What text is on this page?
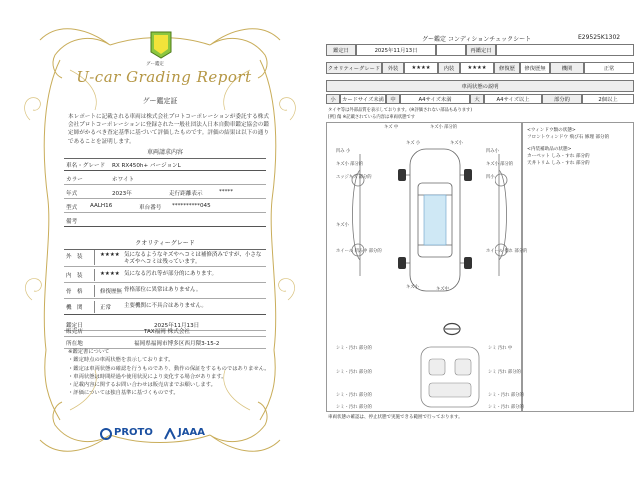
グー鑑定
U-car Grading Report
グー鑑定証
本レポートに記載される車両は株式会社プロトコーポレーションが委託する株式会社プロトコーポレーションに登録された一般社団法人日本自動車鑑定協会の鑑定師がかるべき査定基準に基づいて評価したものです。評価の結果は以下の通りであることを証明します。
車両請求内容
車名・グレード RX RX450h+ バージョンL
カラー	ホワイト
年式	2023年	走行距離表示	*****
型式 AALH16	車台番号 **********045
備考
クオリティーグレード
外　装	★★★★ 気になるようなキズやヘコミは補修済みですが、小さなキズやヘコミは残っています。
内　装	★★★★ 気になる汚れ等が部分的にあります。
骨　格	修復歴無 骨格部位に異常はありません。
機　関	正常 主要機関に不具合はありません。
鑑定日	2025年11月13日
販売店	TAX福岡 株式会社
所在地	福岡県福岡市博多区西月隈3-15-2
※鑑定書について
・鑑定時点の車両状態を表示しております。
・鑑定は車両状態の確認を行うものであり、動作の保証をするものではありません。
・車両状態は時間経過や使用状況により変化する場合があります。
・記載内容に関するお問い合わせは販売店までお願いします。
・評価については独自基準に基づくものです。
PROTO	JAAA
グー鑑定 コンディションチェックシート	E29525K1302
鑑定日	2025年11月13日	再鑑定日
クオリティーグレード	外装	★★★★	内装	★★★★	修復歴	修復歴無	機関	正常
車両状態の説明
小	カードサイズ未満	中	A4サイズ未満	大	A4サイズ以上	部分的	2個以上
タイヤ等は外部品質を表示しております。(※評価されない部品もあります)
[例] 傷 ※記載されている内容は車両状態です
<ウィンドウ類の状態>
フロントウィンドウ 飛び石 修理 部分的
<内装補助品の状態>
カーペット しみ・すれ 部分的
天井トリム しみ・すれ 部分的
キズ 中	キズ小 部分的
キズ 小	キズ小
凹み 小
キズ小 部分的
エッジキズ 部分的
キズ小
ホイール 凹み中 部分的
凹み小
キズ小 部分的
凹小
ホイール 擦れ 部分的
キズ小	キズ中
シミ・汚れ 部分的	シミ 汚れ 中
シミ・汚れ 部分的	シミ 汚れ 部分的
シミ・汚れ 部分的	シミ・汚れ 部分的
シミ・汚れ 部分的	シミ・汚れ 部分的
車両状態の確認は、停止状態で実施できる範囲で行っております。
